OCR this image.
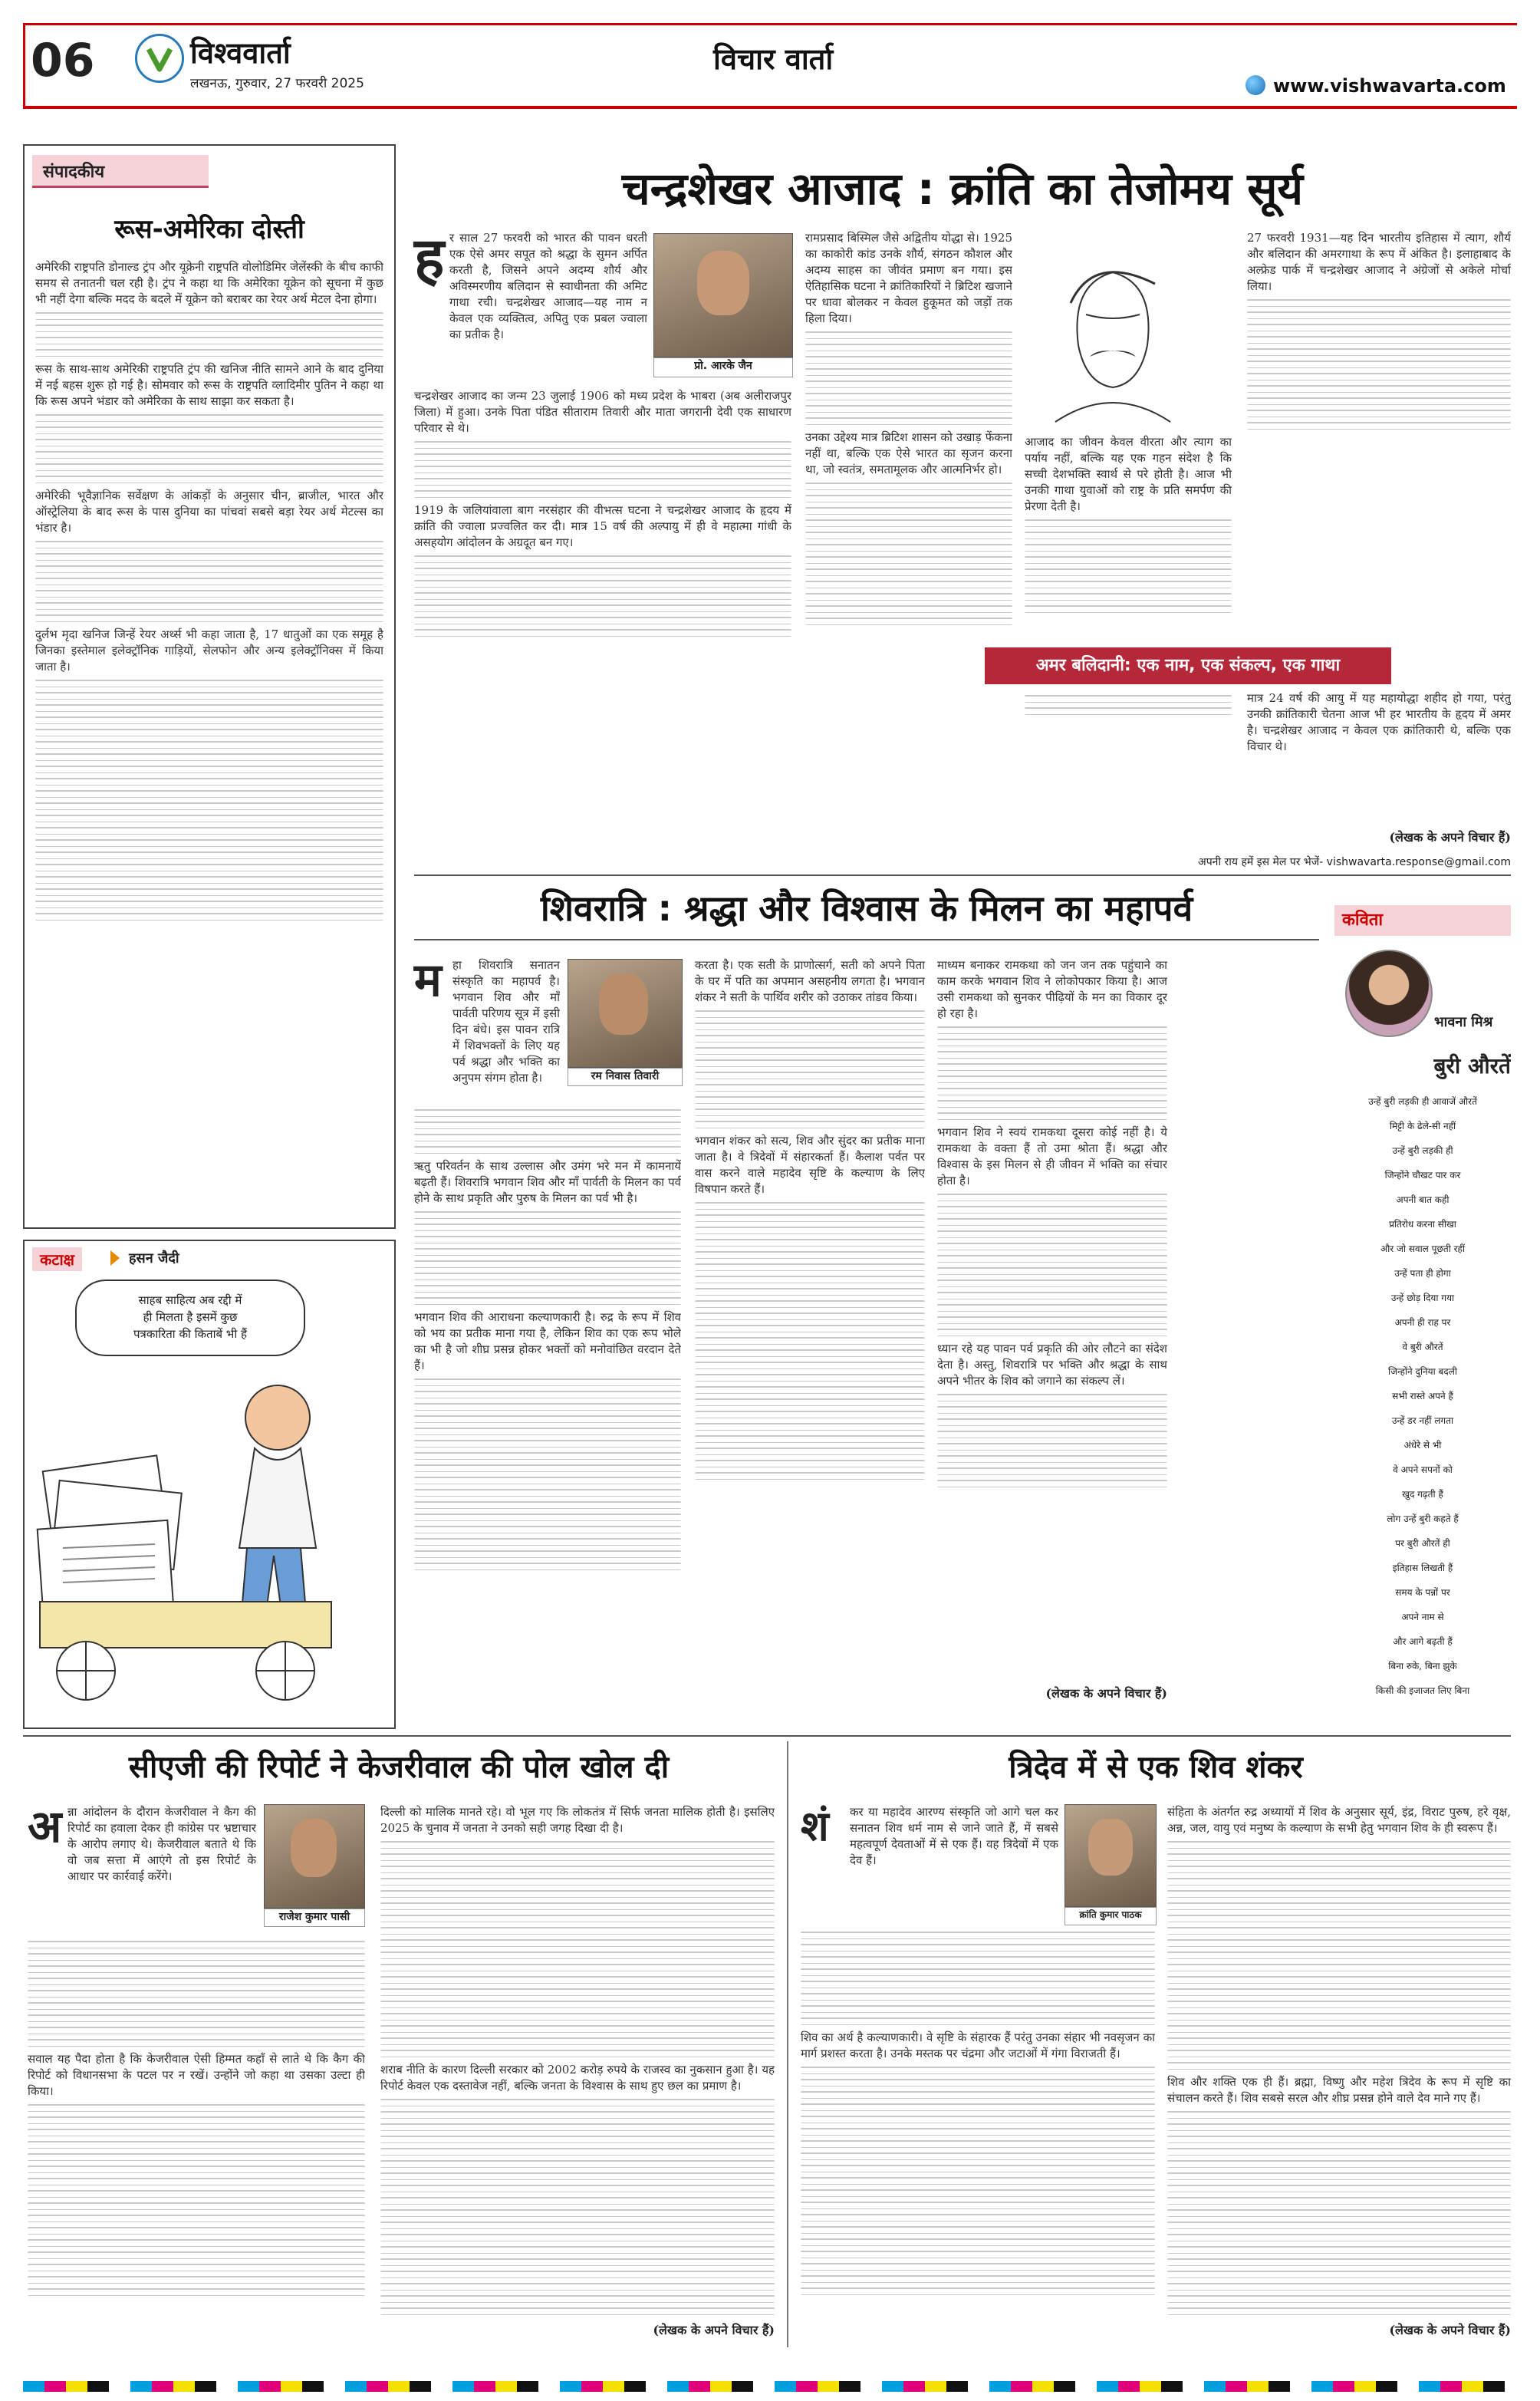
06	विश्ववार्ता
लखनऊ, गुरुवार, 27 फरवरी 2025
विचार वार्ता
www.vishwavarta.com
संपादकीय
रूस-अमेरिका दोस्ती

अमेरिकी राष्ट्रपति डोनाल्ड ट्रंप और यूक्रेनी राष्ट्रपति वोलोडिमिर जेलेंस्की के बीच काफी समय से तनातनी चल रही है। ट्रंप ने कहा था कि अमेरिका यूक्रेन को सूचना में कुछ भी नहीं देगा बल्कि मदद के बदले में यूक्रेन को बराबर का रेयर अर्थ मेटल देना होगा।

रूस के साथ-साथ अमेरिकी राष्ट्रपति ट्रंप की खनिज नीति सामने आने के बाद दुनिया में नई बहस शुरू हो गई है। सोमवार को रूस के राष्ट्रपति व्लादिमीर पुतिन ने कहा था कि रूस अपने भंडार को अमेरिका के साथ साझा कर सकता है।

अमेरिकी भूवैज्ञानिक सर्वेक्षण के आंकड़ों के अनुसार चीन, ब्राजील, भारत और ऑस्ट्रेलिया के बाद रूस के पास दुनिया का पांचवां सबसे बड़ा रेयर अर्थ मेटल्स का भंडार है।

दुर्लभ मृदा खनिज जिन्हें रेयर अर्थ्स भी कहा जाता है, 17 धातुओं का एक समूह है जिनका इस्तेमाल इलेक्ट्रॉनिक गाड़ियों, सेलफोन और अन्य इलेक्ट्रॉनिक्स में किया जाता है।

कटाक्ष	हसन जैदी
साहब साहित्य अब रद्दी में
ही मिलता है इसमें कुछ
पत्रकारिता की किताबें भी हैं
चन्द्रशेखर आजाद : क्रांति का तेजोमय सूर्य
ह
प्रो. आरके जैन

र साल 27 फरवरी को भारत की पावन धरती एक ऐसे अमर सपूत को श्रद्धा के सुमन अर्पित करती है, जिसने अपने अदम्य शौर्य और अविस्मरणीय बलिदान से स्वाधीनता की अमिट गाथा रची। चन्द्रशेखर आजाद—यह नाम न केवल एक व्यक्तित्व, अपितु एक प्रबल ज्वाला का प्रतीक है।

चन्द्रशेखर आजाद का जन्म 23 जुलाई 1906 को मध्य प्रदेश के भाबरा (अब अलीराजपुर जिला) में हुआ। उनके पिता पंडित सीताराम तिवारी और माता जगरानी देवी एक साधारण परिवार से थे।

1919 के जलियांवाला बाग नरसंहार की वीभत्स घटना ने चन्द्रशेखर आजाद के हृदय में क्रांति की ज्वाला प्रज्वलित कर दी। मात्र 15 वर्ष की अल्पायु में ही वे महात्मा गांधी के असहयोग आंदोलन के अग्रदूत बन गए।

रामप्रसाद बिस्मिल जैसे अद्वितीय योद्धा से। 1925 का काकोरी कांड उनके शौर्य, संगठन कौशल और अदम्य साहस का जीवंत प्रमाण बन गया। इस ऐतिहासिक घटना ने क्रांतिकारियों ने ब्रिटिश खजाने पर धावा बोलकर न केवल हुकूमत को जड़ों तक हिला दिया।

उनका उद्देश्य मात्र ब्रिटिश शासन को उखाड़ फेंकना नहीं था, बल्कि एक ऐसे भारत का सृजन करना था, जो स्वतंत्र, समतामूलक और आत्मनिर्भर हो।

आजाद का जीवन केवल वीरता और त्याग का पर्याय नहीं, बल्कि यह एक गहन संदेश है कि सच्ची देशभक्ति स्वार्थ से परे होती है। आज भी उनकी गाथा युवाओं को राष्ट्र के प्रति समर्पण की प्रेरणा देती है।

अमर बलिदानी: एक नाम, एक संकल्प, एक गाथा

27 फरवरी 1931—यह दिन भारतीय इतिहास में त्याग, शौर्य और बलिदान की अमरगाथा के रूप में अंकित है। इलाहाबाद के अल्फ्रेड पार्क में चन्द्रशेखर आजाद ने अंग्रेजों से अकेले मोर्चा लिया।

मात्र 24 वर्ष की आयु में यह महायोद्धा शहीद हो गया, परंतु उनकी क्रांतिकारी चेतना आज भी हर भारतीय के हृदय में अमर है। चन्द्रशेखर आजाद न केवल एक क्रांतिकारी थे, बल्कि एक विचार थे।

(लेखक के अपने विचार हैं)
अपनी राय हमें इस मेल पर भेजें- vishwavarta.response@gmail.com
शिवरात्रि : श्रद्धा और विश्वास के मिलन का महापर्व
म
रम निवास तिवारी

हा शिवरात्रि सनातन संस्कृति का महापर्व है। भगवान शिव और माँ पार्वती परिणय सूत्र में इसी दिन बंधे। इस पावन रात्रि में शिवभक्तों के लिए यह पर्व श्रद्धा और भक्ति का अनुपम संगम होता है।

ऋतु परिवर्तन के साथ उल्लास और उमंग भरे मन में कामनायें बढ़ती हैं। शिवरात्रि भगवान शिव और माँ पार्वती के मिलन का पर्व होने के साथ प्रकृति और पुरुष के मिलन का पर्व भी है।

भगवान शिव की आराधना कल्याणकारी है। रुद्र के रूप में शिव को भय का प्रतीक माना गया है, लेकिन शिव का एक रूप भोले का भी है जो शीघ्र प्रसन्न होकर भक्तों को मनोवांछित वरदान देते हैं।

करता है। एक सती के प्राणोत्सर्ग, सती को अपने पिता के घर में पति का अपमान असहनीय लगता है। भगवान शंकर ने सती के पार्थिव शरीर को उठाकर तांडव किया।

भगवान शंकर को सत्य, शिव और सुंदर का प्रतीक माना जाता है। वे त्रिदेवों में संहारकर्ता हैं। कैलाश पर्वत पर वास करने वाले महादेव सृष्टि के कल्याण के लिए विषपान करते हैं।

माध्यम बनाकर रामकथा को जन जन तक पहुंचाने का काम करके भगवान शिव ने लोकोपकार किया है। आज उसी रामकथा को सुनकर पीढ़ियों के मन का विकार दूर हो रहा है।

भगवान शिव ने स्वयं रामकथा दूसरा कोई नहीं है। ये रामकथा के वक्ता हैं तो उमा श्रोता हैं। श्रद्धा और विश्वास के इस मिलन से ही जीवन में भक्ति का संचार होता है।

ध्यान रहे यह पावन पर्व प्रकृति की ओर लौटने का संदेश देता है। अस्तु, शिवरात्रि पर भक्ति और श्रद्धा के साथ अपने भीतर के शिव को जगाने का संकल्प लें।

(लेखक के अपने विचार हैं)
कविता
भावना मिश्र
बुरी औरतें
उन्हें बुरी लड़की ही आवाजें औरतें
मिट्टी के ढेले-सी नहीं
उन्हें बुरी लड़की ही
जिन्होंने चौखट पार कर
अपनी बात कही
प्रतिरोध करना सीखा
और जो सवाल पूछती रहीं
उन्हें पता ही होगा
उन्हें छोड़ दिया गया
अपनी ही राह पर
वे बुरी औरतें
जिन्होंने दुनिया बदली
सभी रास्ते अपने हैं
उन्हें डर नहीं लगता
अंधेरे से भी
वे अपने सपनों को
खुद गढ़ती हैं
लोग उन्हें बुरी कहते हैं
पर बुरी औरतें ही
इतिहास लिखती हैं
समय के पन्नों पर
अपने नाम से
और आगे बढ़ती हैं
बिना रुके, बिना झुके
किसी की इजाजत लिए बिना
सीएजी की रिपोर्ट ने केजरीवाल की पोल खोल दी
अ
राजेश कुमार पासी

न्ना आंदोलन के दौरान केजरीवाल ने कैग की रिपोर्ट का हवाला देकर ही कांग्रेस पर भ्रष्टाचार के आरोप लगाए थे। केजरीवाल बताते थे कि वो जब सत्ता में आएंगे तो इस रिपोर्ट के आधार पर कार्रवाई करेंगे।

सवाल यह पैदा होता है कि केजरीवाल ऐसी हिम्मत कहाँ से लाते थे कि कैग की रिपोर्ट को विधानसभा के पटल पर न रखें। उन्होंने जो कहा था उसका उल्टा ही किया।

दिल्ली को मालिक मानते रहे। वो भूल गए कि लोकतंत्र में सिर्फ जनता मालिक होती है। इसलिए 2025 के चुनाव में जनता ने उनको सही जगह दिखा दी है।

शराब नीति के कारण दिल्ली सरकार को 2002 करोड़ रुपये के राजस्व का नुकसान हुआ है। यह रिपोर्ट केवल एक दस्तावेज नहीं, बल्कि जनता के विश्वास के साथ हुए छल का प्रमाण है।

(लेखक के अपने विचार हैं)
त्रिदेव में से एक शिव शंकर
शं
क्रांति कुमार पाठक

कर या महादेव आरण्य संस्कृति जो आगे चल कर सनातन शिव धर्म नाम से जाने जाते हैं, में सबसे महत्वपूर्ण देवताओं में से एक हैं। वह त्रिदेवों में एक देव हैं।

शिव का अर्थ है कल्याणकारी। वे सृष्टि के संहारक हैं परंतु उनका संहार भी नवसृजन का मार्ग प्रशस्त करता है। उनके मस्तक पर चंद्रमा और जटाओं में गंगा विराजती हैं।

संहिता के अंतर्गत रुद्र अध्यायों में शिव के अनुसार सूर्य, इंद्र, विराट पुरुष, हरे वृक्ष, अन्न, जल, वायु एवं मनुष्य के कल्याण के सभी हेतु भगवान शिव के ही स्वरूप हैं।

शिव और शक्ति एक ही हैं। ब्रह्मा, विष्णु और महेश त्रिदेव के रूप में सृष्टि का संचालन करते हैं। शिव सबसे सरल और शीघ्र प्रसन्न होने वाले देव माने गए हैं।

(लेखक के अपने विचार हैं)
